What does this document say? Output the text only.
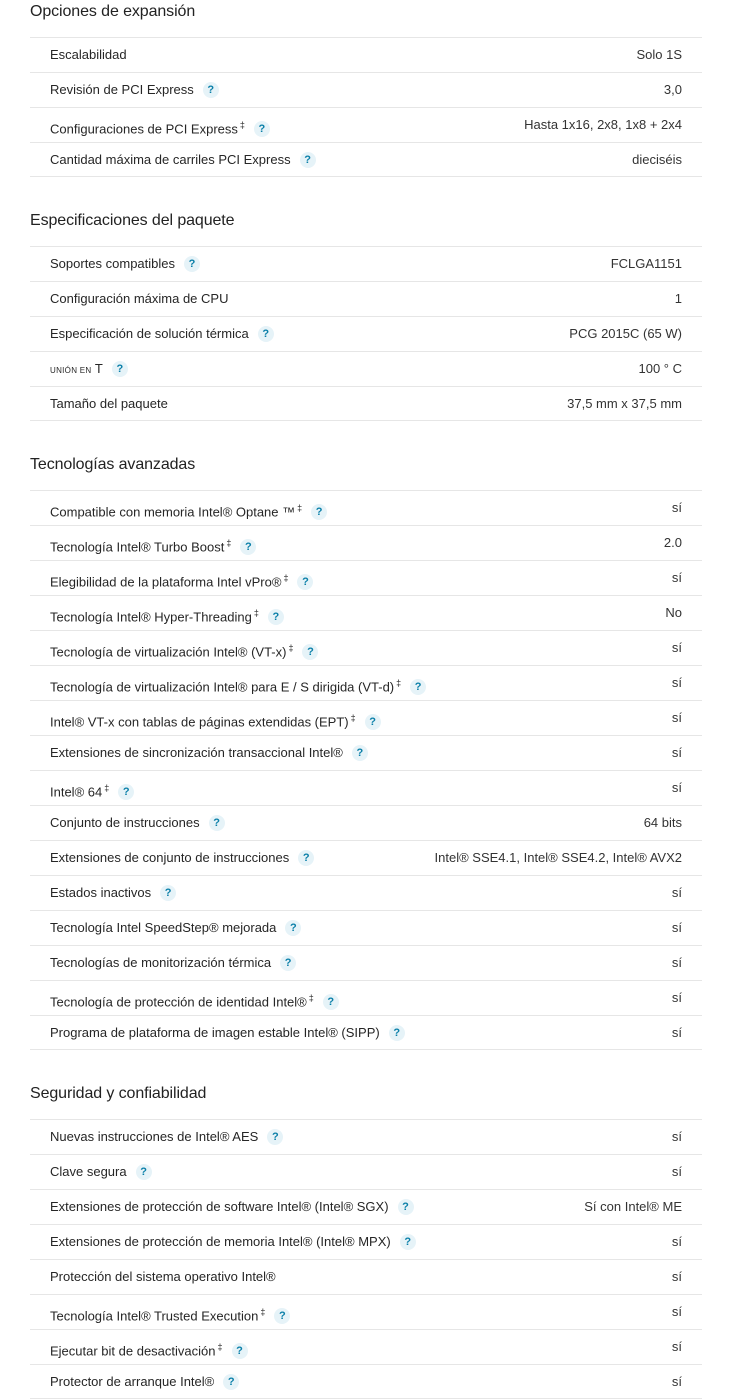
Opciones de expansión
Escalabilidad	Solo 1S
Revisión de PCI Express ?	3,0
Configuraciones de PCI Express ‡ ?	Hasta 1x16, 2x8, 1x8 + 2x4
Cantidad máxima de carriles PCI Express ?	dieciséis
Especificaciones del paquete
Soportes compatibles ?	FCLGA1151
Configuración máxima de CPU	1
Especificación de solución térmica ?	PCG 2015C (65 W)
UNIÓN EN T ?	100 ° C
Tamaño del paquete	37,5 mm x 37,5 mm
Tecnologías avanzadas
Compatible con memoria Intel® Optane ™ ‡ ?	sí
Tecnología Intel® Turbo Boost ‡ ?	2.0
Elegibilidad de la plataforma Intel vPro® ‡ ?	sí
Tecnología Intel® Hyper-Threading ‡ ?	No
Tecnología de virtualización Intel® (VT-x) ‡ ?	sí
Tecnología de virtualización Intel® para E / S dirigida (VT-d) ‡ ?	sí
Intel® VT-x con tablas de páginas extendidas (EPT) ‡ ?	sí
Extensiones de sincronización transaccional Intel® ?	sí
Intel® 64 ‡ ?	sí
Conjunto de instrucciones ?	64 bits
Extensiones de conjunto de instrucciones ?	Intel® SSE4.1, Intel® SSE4.2, Intel® AVX2
Estados inactivos ?	sí
Tecnología Intel SpeedStep® mejorada ?	sí
Tecnologías de monitorización térmica ?	sí
Tecnología de protección de identidad Intel® ‡ ?	sí
Programa de plataforma de imagen estable Intel® (SIPP) ?	sí
Seguridad y confiabilidad
Nuevas instrucciones de Intel® AES ?	sí
Clave segura ?	sí
Extensiones de protección de software Intel® (Intel® SGX) ?	Sí con Intel® ME
Extensiones de protección de memoria Intel® (Intel® MPX) ?	sí
Protección del sistema operativo Intel®	sí
Tecnología Intel® Trusted Execution ‡ ?	sí
Ejecutar bit de desactivación ‡ ?	sí
Protector de arranque Intel® ?	sí
